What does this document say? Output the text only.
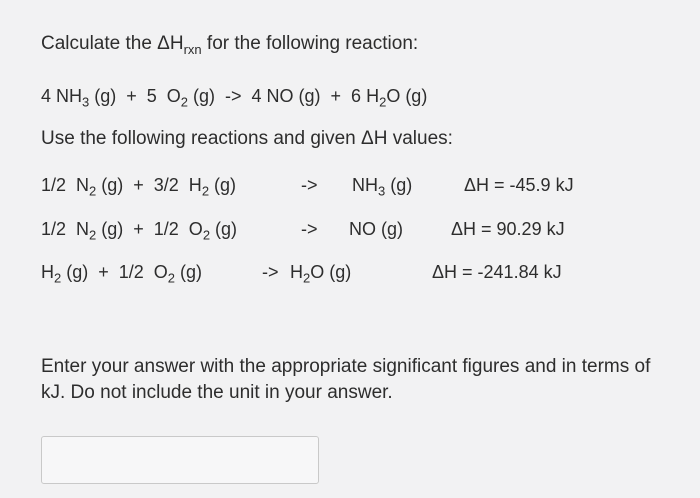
Calculate the $\Delta H_{rxn}$ for the following reaction:
4 $NH_3$ (g)  +  5  $O_2$ (g)  ->  4 NO (g)  +  6 $H_2O$ (g)
Use the following reactions and given ΔH values:
1/2  $N_2$ (g)  +  3/2  $H_2$ (g)	-> $NH_3$ (g)	ΔH = -45.9 kJ
1/2  $N_2$ (g)  +  1/2  $O_2$ (g)	-> NO (g)	ΔH = 90.29 kJ
$H_2$ (g)  +  1/2  $O_2$ (g)	-> $H_2O$ (g)	ΔH = -241.84 kJ
Enter your answer with the appropriate significant figures and in terms of
kJ. Do not include the unit in your answer.
